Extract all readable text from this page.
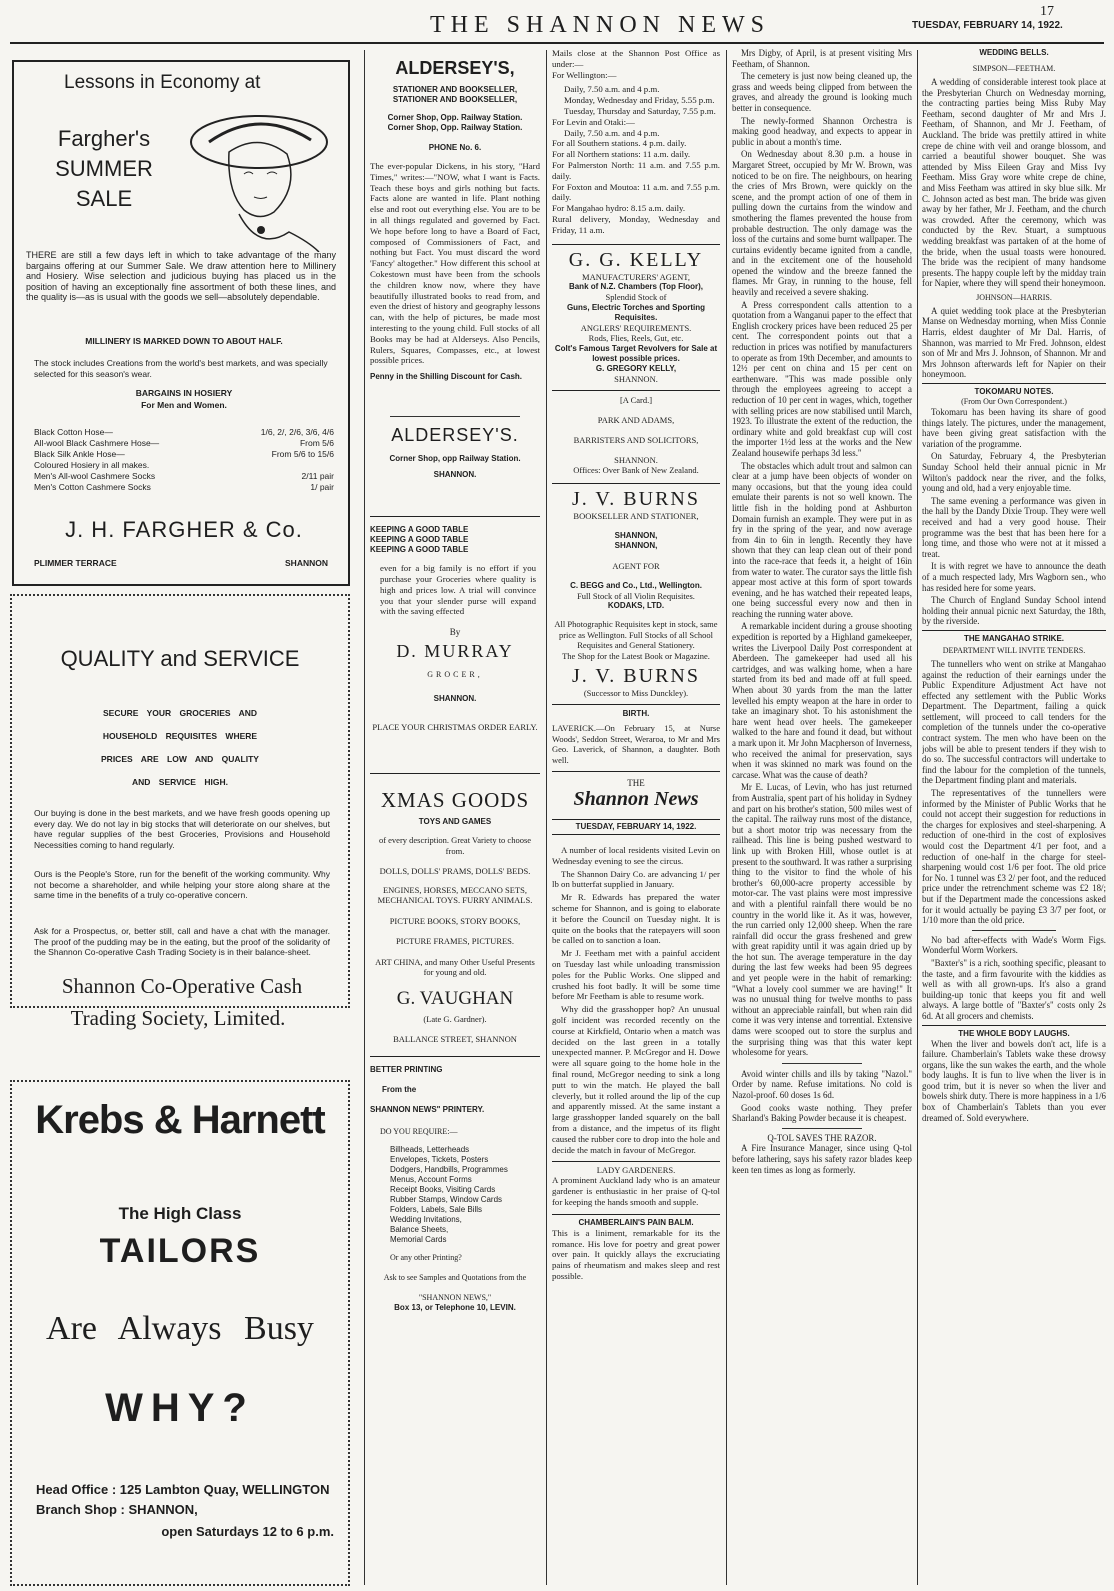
THE SHANNON NEWS
17
TUESDAY, FEBRUARY 14, 1922.
Lessons in Economy at
Fargher's
SUMMER
SALE
THERE are still a few days left in which to take advantage of the many bargains offering at our Summer Sale. We draw attention here to Millinery and Hosiery. Wise selection and judicious buying has placed us in the position of having an exceptionally fine assortment of both these lines, and the quality is—as is usual with the goods we sell—absolutely dependable.
MILLINERY IS MARKED DOWN TO ABOUT HALF.
The stock includes Creations from the world's best markets, and was specially selected for this season's wear.
BARGAINS IN HOSIERY
For Men and Women.
Black Cotton Hose—	1/6, 2/, 2/6, 3/6, 4/6
All-wool Black Cashmere Hose—	From 5/6
Black Silk Ankle Hose—	From 5/6 to 15/6
Coloured Hosiery in all makes.
Men's All-wool Cashmere Socks	2/11 pair
Men's Cotton Cashmere Socks	1/ pair
J. H. FARGHER & Co.
PLIMMER TERRACE	SHANNON
QUALITY and SERVICE
SECURE YOUR GROCERIES AND
HOUSEHOLD REQUISITES WHERE
PRICES ARE LOW AND QUALITY
AND SERVICE HIGH.
Our buying is done in the best markets, and we have fresh goods opening up every day. We do not lay in big stocks that will deteriorate on our shelves, but have regular supplies of the best Groceries, Provisions and Household Necessities coming to hand regularly.
Ours is the People's Store, run for the benefit of the working community. Why not become a shareholder, and while helping your store along share at the same time in the benefits of a truly co-operative concern.
Ask for a Prospectus, or, better still, call and have a chat with the manager. The proof of the pudding may be in the eating, but the proof of the solidarity of the Shannon Co-operative Cash Trading Society is in their balance-sheet.
Shannon Co-Operative Cash
Trading Society, Limited.
Krebs & Harnett
The High Class
TAILORS
Are Always Busy
WHY?
Head Office : 125 Lambton Quay, WELLINGTON
Branch Shop : SHANNON,
open Saturdays 12 to 6 p.m.
ALDERSEY'S,
STATIONER AND BOOKSELLER,
STATIONER AND BOOKSELLER,
Corner Shop, Opp. Railway Station.
Corner Shop, Opp. Railway Station.
PHONE No. 6.
The ever-popular Dickens, in his story, "Hard Times," writes:—"NOW, what I want is Facts. Teach these boys and girls nothing but facts. Facts alone are wanted in life. Plant nothing else and root out everything else. You are to be in all things regulated and governed by Fact. We hope before long to have a Board of Fact, composed of Commissioners of Fact, and nothing but Fact. You must discard the word 'Fancy' altogether." How different this school at Cokestown must have been from the schools the children know now, where they have beautifully illustrated books to read from, and even the driest of history and geography lessons can, with the help of pictures, be made most interesting to the young child. Full stocks of all Books may be had at Alderseys. Also Pencils, Rulers, Squares, Compasses, etc., at lowest possible prices.
Penny in the Shilling Discount for Cash.
ALDERSEY'S.
Corner Shop, opp Railway Station.
SHANNON.
KEEPING A GOOD TABLE
KEEPING A GOOD TABLE
KEEPING A GOOD TABLE
even for a big family is no effort if you purchase your Groceries where quality is high and prices low. A trial will convince you that your slender purse will expand with the saving effected
By
D. MURRAY
GROCER,
SHANNON.
PLACE YOUR CHRISTMAS ORDER EARLY.
XMAS GOODS
TOYS AND GAMES
of every description. Great Variety to choose from.
DOLLS, DOLLS' PRAMS, DOLLS' BEDS.
ENGINES, HORSES, MECCANO SETS, MECHANICAL TOYS. FURRY ANIMALS.
PICTURE BOOKS, STORY BOOKS,
PICTURE FRAMES, PICTURES.
ART CHINA, and many Other Useful Presents for young and old.
G. VAUGHAN
(Late G. Gardner).
BALLANCE STREET, SHANNON
BETTER PRINTING
From the
SHANNON NEWS" PRINTERY.
DO YOU REQUIRE:—
Billheads, Letterheads
Envelopes, Tickets, Posters
Dodgers, Handbills, Programmes
Menus, Account Forms
Receipt Books, Visiting Cards
Rubber Stamps, Window Cards
Folders, Labels, Sale Bills
Wedding Invitations,
Balance Sheets,
Memorial Cards
Or any other Printing?
Ask to see Samples and Quotations from the
"SHANNON NEWS,"
Box 13, or Telephone 10, LEVIN.
Mails close at the Shannon Post Office as under:—
For Wellington:—
Daily, 7.50 a.m. and 4 p.m.
Monday, Wednesday and Friday, 5.55 p.m.
Tuesday, Thursday and Saturday, 7.55 p.m.
For Levin and Otaki:—
Daily, 7.50 a.m. and 4 p.m.
For all Southern stations. 4 p.m. daily.
For all Northern stations: 11 a.m. daily.
For Palmerston North: 11 a.m. and 7.55 p.m. daily.
For Foxton and Moutoa: 11 a.m. and 7.55 p.m. daily.
For Mangahao hydro: 8.15 a.m. daily.
Rural delivery, Monday, Wednesday and Friday, 11 a.m.
G. G. KELLY
MANUFACTURERS' AGENT,
Bank of N.Z. Chambers (Top Floor),
Splendid Stock of
Guns, Electric Torches and Sporting Requisites.
ANGLERS' REQUIREMENTS.
Rods, Flies, Reels, Gut, etc.
Colt's Famous Target Revolvers for Sale at lowest possible prices.
G. GREGORY KELLY,
SHANNON.
[A Card.]
PARK AND ADAMS,
BARRISTERS AND SOLICITORS,
SHANNON.
Offices: Over Bank of New Zealand.
J. V. BURNS
BOOKSELLER AND STATIONER,
SHANNON,
SHANNON,
AGENT FOR
C. BEGG and Co., Ltd., Wellington.
Full Stock of all Violin Requisites.
KODAKS, LTD.
All Photographic Requisites kept in stock, same price as Wellington. Full Stocks of all School Requisites and General Stationery.
The Shop for the Latest Book or Magazine.
J. V. BURNS
(Successor to Miss Dunckley).
BIRTH.
LAVERICK.—On February 15, at Nurse Woods', Seddon Street, Weraroa, to Mr and Mrs Geo. Laverick, of Shannon, a daughter. Both well.
THE
Shannon News
TUESDAY, FEBRUARY 14, 1922.

A number of local residents visited Levin on Wednesday evening to see the circus.

The Shannon Dairy Co. are advancing 1/ per lb on butterfat supplied in January.

Mr R. Edwards has prepared the water scheme for Shannon, and is going to elaborate it before the Council on Tuesday night. It is quite on the books that the ratepayers will soon be called on to sanction a loan.

Mr J. Feetham met with a painful accident on Tuesday last while unloading transmission poles for the Public Works. One slipped and crushed his foot badly. It will be some time before Mr Feetham is able to resume work.

Why did the grasshopper hop? An unusual golf incident was recorded recently on the course at Kirkfield, Ontario when a match was decided on the last green in a totally unexpected manner. P. McGregor and H. Dowe were all square going to the home hole in the final round, McGregor needing to sink a long putt to win the match. He played the ball cleverly, but it rolled around the lip of the cup and apparently missed. At the same instant a large grasshopper landed squarely on the ball from a distance, and the impetus of its flight caused the rubber core to drop into the hole and decide the match in favour of McGregor.

LADY GARDENERS.
A prominent Auckland lady who is an amateur gardener is enthusiastic in her praise of Q-tol for keeping the hands smooth and supple.
CHAMBERLAIN'S PAIN BALM.
This is a liniment, remarkable for its the romance. His love for poetry and great power over pain. It quickly allays the excruciating pains of rheumatism and makes sleep and rest possible.

Mrs Digby, of April, is at present visiting Mrs Feetham, of Shannon.

The cemetery is just now being cleaned up, the grass and weeds being clipped from between the graves, and already the ground is looking much better in consequence.

The newly-formed Shannon Orchestra is making good headway, and expects to appear in public in about a month's time.

On Wednesday about 8.30 p.m. a house in Margaret Street, occupied by Mr W. Brown, was noticed to be on fire. The neighbours, on hearing the cries of Mrs Brown, were quickly on the scene, and the prompt action of one of them in pulling down the curtains from the window and smothering the flames prevented the house from probable destruction. The only damage was the loss of the curtains and some burnt wallpaper. The curtains evidently became ignited from a candle, and in the excitement one of the household opened the window and the breeze fanned the flames. Mr Gray, in running to the house, fell heavily and received a severe shaking.

A Press correspondent calls attention to a quotation from a Wanganui paper to the effect that English crockery prices have been reduced 25 per cent. The correspondent points out that a reduction in prices was notified by manufacturers to operate as from 19th December, and amounts to 12½ per cent on china and 15 per cent on earthenware. "This was made possible only through the employees agreeing to accept a reduction of 10 per cent in wages, which, together with selling prices are now stabilised until March, 1923. To illustrate the extent of the reduction, the ordinary white and gold breakfast cup will cost the importer 1½d less at the works and the New Zealand housewife perhaps 3d less."

The obstacles which adult trout and salmon can clear at a jump have been objects of wonder on many occasions, but that the young idea could emulate their parents is not so well known. The little fish in the holding pond at Ashburton Domain furnish an example. They were put in as fry in the spring of the year, and now average from 4in to 6in in length. Recently they have shown that they can leap clean out of their pond into the race-race that feeds it, a height of 16in from water to water. The curator says the little fish appear most active at this form of sport towards evening, and he has watched their repeated leaps, one being successful every now and then in reaching the running water above.

A remarkable incident during a grouse shooting expedition is reported by a Highland gamekeeper, writes the Liverpool Daily Post correspondent at Aberdeen. The gamekeeper had used all his cartridges, and was walking home, when a hare started from its bed and made off at full speed. When about 30 yards from the man the latter levelled his empty weapon at the hare in order to take an imaginary shot. To his astonishment the hare went head over heels. The gamekeeper walked to the hare and found it dead, but without a mark upon it. Mr John Macpherson of Inverness, who received the animal for preservation, says when it was skinned no mark was found on the carcase. What was the cause of death?

Mr E. Lucas, of Levin, who has just returned from Australia, spent part of his holiday in Sydney and part on his brother's station, 500 miles west of the capital. The railway runs most of the distance, but a short motor trip was necessary from the railhead. This line is being pushed westward to link up with Broken Hill, whose outlet is at present to the southward. It was rather a surprising thing to the visitor to find the whole of his brother's 60,000-acre property accessible by motor-car. The vast plains were most impressive and with a plentiful rainfall there would be no country in the world like it. As it was, however, the run carried only 12,000 sheep. When the rare rainfall did occur the grass freshened and grew with great rapidity until it was again dried up by the hot sun. The average temperature in the day during the last few weeks had been 95 degrees and yet people were in the habit of remarking: "What a lovely cool summer we are having!" It was no unusual thing for twelve months to pass without an appreciable rainfall, but when rain did come it was very intense and torrential. Extensive dams were scooped out to store the surplus and the surprising thing was that this water kept wholesome for years.

Avoid winter chills and ills by taking "Nazol." Order by name. Refuse imitations. No cold is Nazol-proof. 60 doses 1s 6d.

Good cooks waste nothing. They prefer Sharland's Baking Powder because it is cheapest.

Q-TOL SAVES THE RAZOR.

A Fire Insurance Manager, since using Q-tol before lathering, says his safety razor blades keep keen ten times as long as formerly.

WEDDING BELLS.
SIMPSON—FEETHAM.

A wedding of considerable interest took place at the Presbyterian Church on Wednesday morning, the contracting parties being Miss Ruby May Feetham, second daughter of Mr and Mrs J. Feetham, of Shannon, and Mr J. Feetham, of Auckland. The bride was prettily attired in white crepe de chine with veil and orange blossom, and carried a beautiful shower bouquet. She was attended by Miss Eileen Gray and Miss Ivy Feetham. Miss Gray wore white crepe de chine, and Miss Feetham was attired in sky blue silk. Mr C. Johnson acted as best man. The bride was given away by her father, Mr J. Feetham, and the church was crowded. After the ceremony, which was conducted by the Rev. Stuart, a sumptuous wedding breakfast was partaken of at the home of the bride, when the usual toasts were honoured. The bride was the recipient of many handsome presents. The happy couple left by the midday train for Napier, where they will spend their honeymoon.

JOHNSON—HARRIS.

A quiet wedding took place at the Presbyterian Manse on Wednesday morning, when Miss Connie Harris, eldest daughter of Mr Dal. Harris, of Shannon, was married to Mr Fred. Johnson, eldest son of Mr and Mrs J. Johnson, of Shannon. Mr and Mrs Johnson afterwards left for Napier on their honeymoon.

TOKOMARU NOTES.
(From Our Own Correspondent.)

Tokomaru has been having its share of good things lately. The pictures, under the management, have been giving great satisfaction with the variation of the programme.

On Saturday, February 4, the Presbyterian Sunday School held their annual picnic in Mr Wilton's paddock near the river, and the folks, young and old, had a very enjoyable time.

The same evening a performance was given in the hall by the Dandy Dixie Troup. They were well received and had a very good house. Their programme was the best that has been here for a long time, and those who were not at it missed a treat.

It is with regret we have to announce the death of a much respected lady, Mrs Wagborn sen., who has resided here for some years.

The Church of England Sunday School intend holding their annual picnic next Saturday, the 18th, by the riverside.

THE MANGAHAO STRIKE.
DEPARTMENT WILL INVITE TENDERS.

The tunnellers who went on strike at Mangahao against the reduction of their earnings under the Public Expenditure Adjustment Act have not effected any settlement with the Public Works Department. The Department, failing a quick settlement, will proceed to call tenders for the completion of the tunnels under the co-operative contract system. The men who have been on the jobs will be able to present tenders if they wish to do so. The successful contractors will undertake to find the labour for the completion of the tunnels, the Department finding plant and materials.

The representatives of the tunnellers were informed by the Minister of Public Works that he could not accept their suggestion for reductions in the charges for explosives and steel-sharpening. A reduction of one-third in the cost of explosives would cost the Department 4/1 per foot, and a reduction of one-half in the charge for steel-sharpening would cost 1/6 per foot. The old price for No. 1 tunnel was £3 2/ per foot, and the reduced price under the retrenchment scheme was £2 18/; but if the Department made the concessions asked for it would actually be paying £3 3/7 per foot, or 1/10 more than the old price.

No bad after-effects with Wade's Worm Figs. Wonderful Worm Workers.

"Baxter's" is a rich, soothing specific, pleasant to the taste, and a firm favourite with the kiddies as well as with all grown-ups. It's also a grand building-up tonic that keeps you fit and well always. A large bottle of "Baxter's" costs only 2s 6d. At all grocers and chemists.

THE WHOLE BODY LAUGHS.

When the liver and bowels don't act, life is a failure. Chamberlain's Tablets wake these drowsy organs, like the sun wakes the earth, and the whole body laughs. It is fun to live when the liver is in good trim, but it is never so when the liver and bowels shirk duty. There is more happiness in a 1/6 box of Chamberlain's Tablets than you ever dreamed of. Sold everywhere.
